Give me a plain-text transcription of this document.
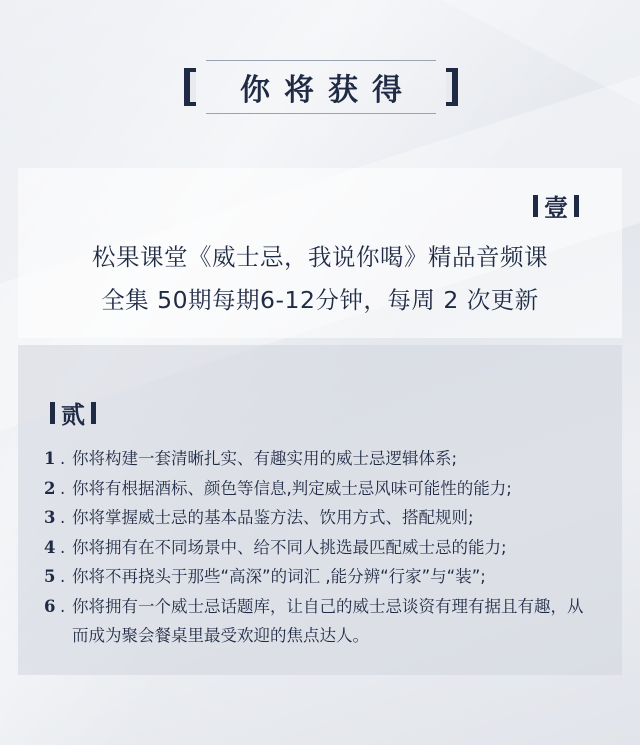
你将获得
壹
松果课堂《威士忌，我说你喝》精品音频课
全集 50期每期6-12分钟，每周 2 次更新
贰
1 . 你将构建一套清晰扎实、有趣实用的威士忌逻辑体系;
2 . 你将有根据酒标、颜色等信息,判定威士忌风味可能性的能力;
3 . 你将掌握威士忌的基本品鉴方法、饮用方式、搭配规则;
4 . 你将拥有在不同场景中、给不同人挑选最匹配威士忌的能力;
5 . 你将不再挠头于那些“高深”的词汇 ,能分辨“行家”与“装”;
6 . 你将拥有一个威士忌话题库，让自己的威士忌谈资有理有据且有趣，从而成为聚会餐桌里最受欢迎的焦点达人。
